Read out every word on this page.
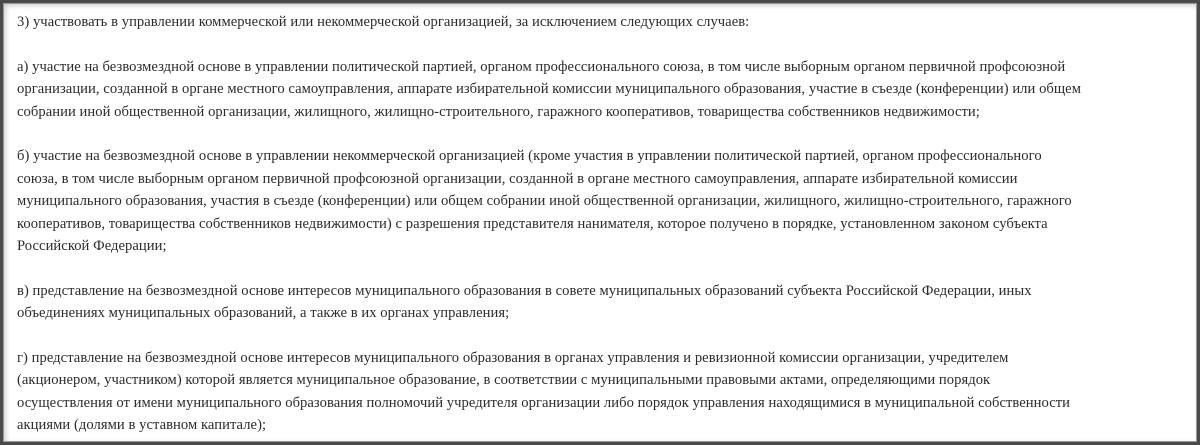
3) участвовать в управлении коммерческой или некоммерческой организацией, за исключением следующих случаев:

а) участие на безвозмездной основе в управлении политической партией, органом профессионального союза, в том числе выборным органом первичной профсоюзной
организации, созданной в органе местного самоуправления, аппарате избирательной комиссии муниципального образования, участие в съезде (конференции) или общем
собрании иной общественной организации, жилищного, жилищно-строительного, гаражного кооперативов, товарищества собственников недвижимости;

б) участие на безвозмездной основе в управлении некоммерческой организацией (кроме участия в управлении политической партией, органом профессионального
союза, в том числе выборным органом первичной профсоюзной организации, созданной в органе местного самоуправления, аппарате избирательной комиссии
муниципального образования, участия в съезде (конференции) или общем собрании иной общественной организации, жилищного, жилищно-строительного, гаражного
кооперативов, товарищества собственников недвижимости) с разрешения представителя нанимателя, которое получено в порядке, установленном законом субъекта
Российской Федерации;

в) представление на безвозмездной основе интересов муниципального образования в совете муниципальных образований субъекта Российской Федерации, иных
объединениях муниципальных образований, а также в их органах управления;

г) представление на безвозмездной основе интересов муниципального образования в органах управления и ревизионной комиссии организации, учредителем
(акционером, участником) которой является муниципальное образование, в соответствии с муниципальными правовыми актами, определяющими порядок
осуществления от имени муниципального образования полномочий учредителя организации либо порядок управления находящимися в муниципальной собственности
акциями (долями в уставном капитале);
